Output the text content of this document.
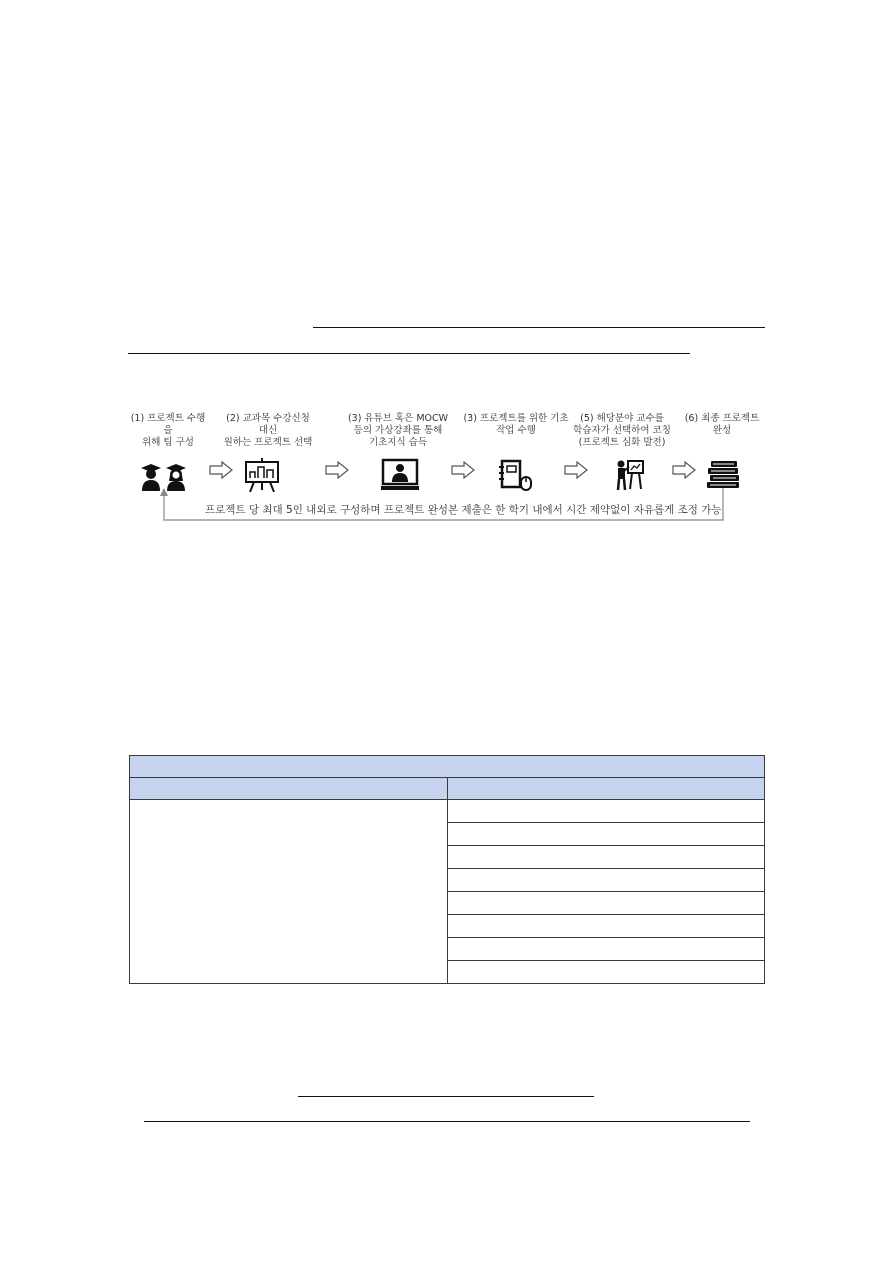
(1) 프로젝트 수행을
위해 팀 구성
(2) 교과목 수강신청 대신
원하는 프로젝트 선택
(3) 유튜브 혹은 MOCW
등의 가상강좌를 통해
기초지식 습득
(3) 프로젝트를 위한 기초
작업 수행
(5) 해당분야 교수를
학습자가 선택하여 코칭
(프로젝트 심화 발전)
(6) 최종 프로젝트
완성
프로젝트 당 최대 5인 내외로 구성하며 프로젝트 완성본 제출은 한 학기 내에서 시간 제약없이 자유롭게 조정 가능
